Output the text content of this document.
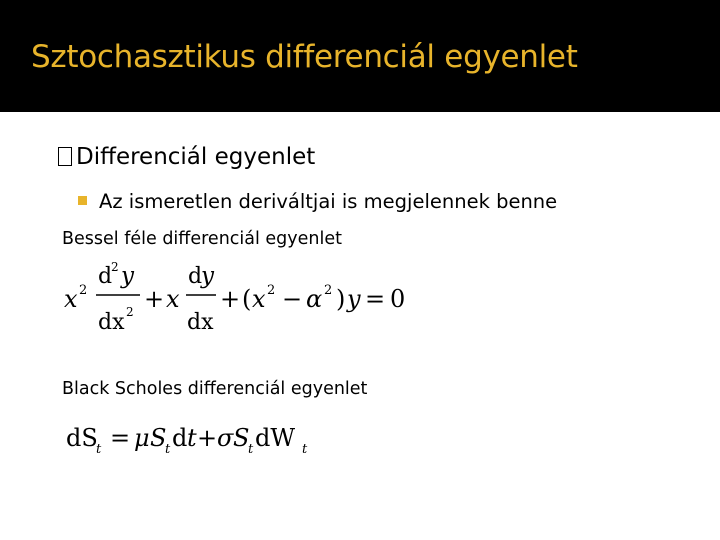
Sztochasztikus differenciál egyenlet
Differenciál egyenlet
Az ismeretlen deriváltjai is megjelennek benne
Bessel féle differenciál egyenlet
x 2
d
2 y
dx 2 + x
d
y
dx
+ ( x 2 − α 2 ) y = 0
Black Scholes differenciál egyenlet
dS
t = μ S
t d t + σ S
t dW t
